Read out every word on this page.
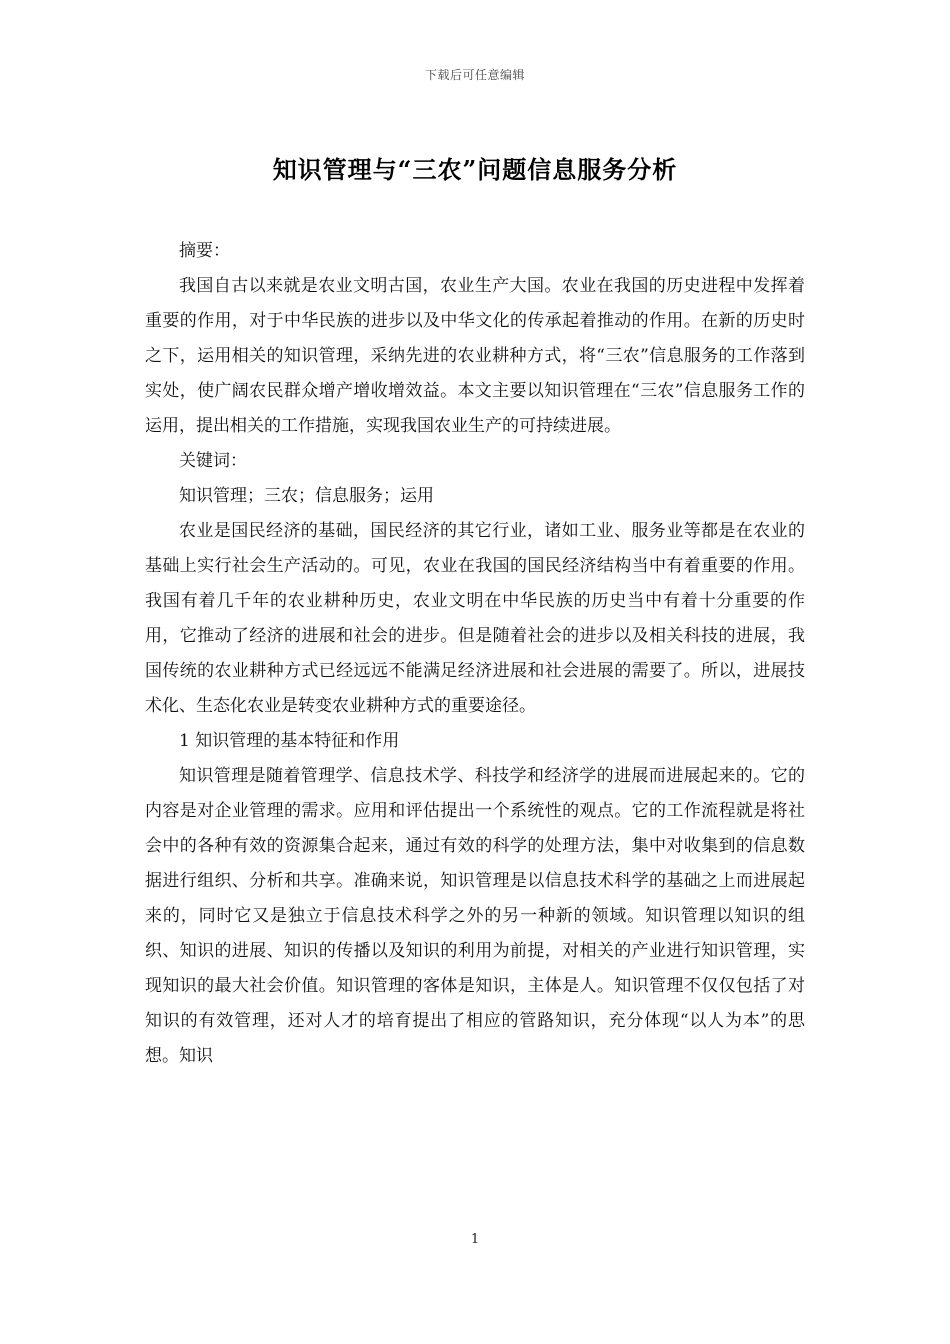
下载后可任意编辑
知识管理与“三农”问题信息服务分析

摘要：

我国自古以来就是农业文明古国，农业生产大国。农业在我国的历史进程中发挥着重要的作用，对于中华民族的进步以及中华文化的传承起着推动的作用。在新的历史时之下，运用相关的知识管理，采纳先进的农业耕种方式，将“三农”信息服务的工作落到实处，使广阔农民群众增产增收增效益。本文主要以知识管理在“三农”信息服务工作的运用，提出相关的工作措施，实现我国农业生产的可持续进展。

关键词：

知识管理；三农；信息服务；运用

农业是国民经济的基础，国民经济的其它行业，诸如工业、服务业等都是在农业的基础上实行社会生产活动的。可见，农业在我国的国民经济结构当中有着重要的作用。我国有着几千年的农业耕种历史，农业文明在中华民族的历史当中有着十分重要的作用，它推动了经济的进展和社会的进步。但是随着社会的进步以及相关科技的进展，我国传统的农业耕种方式已经远远不能满足经济进展和社会进展的需要了。所以，进展技术化、生态化农业是转变农业耕种方式的重要途径。

1 知识管理的基本特征和作用

知识管理是随着管理学、信息技术学、科技学和经济学的进展而进展起来的。它的内容是对企业管理的需求。应用和评估提出一个系统性的观点。它的工作流程就是将社会中的各种有效的资源集合起来，通过有效的科学的处理方法，集中对收集到的信息数据进行组织、分析和共享。准确来说，知识管理是以信息技术科学的基础之上而进展起来的，同时它又是独立于信息技术科学之外的另一种新的领域。知识管理以知识的组织、知识的进展、知识的传播以及知识的利用为前提，对相关的产业进行知识管理，实现知识的最大社会价值。知识管理的客体是知识，主体是人。知识管理不仅仅包括了对知识的有效管理，还对人才的培育提出了相应的管路知识，充分体现“以人为本”的思想。知识

1
